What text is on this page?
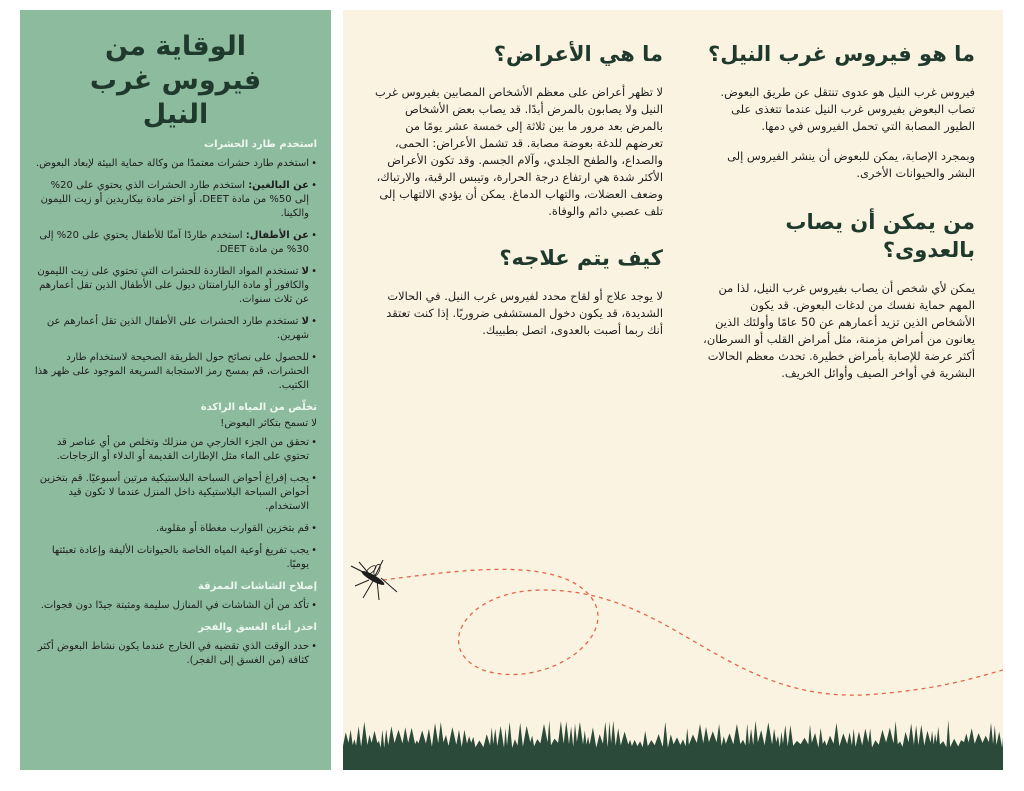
الوقاية من فيروس غرب النيل
استخدم طارد الحشرات
• استخدم طارد حشرات معتمدًا من وكالة حماية البيئة لإبعاد البعوض.
• عن البالغين: استخدم طارد الحشرات الذي يحتوي على 20% إلى 50% من مادة DEET، أو اختر مادة بيكاريدين أو زيت الليمون والكينا.
• عن الأطفال: استخدم طاردًا آمنًا للأطفال يحتوي على 20% إلى 30% من مادة DEET.
• لا تستخدم المواد الطاردة للحشرات التي تحتوي على زيت الليمون والكافور أو مادة البارامنتان ديول على الأطفال الذين تقل أعمارهم عن ثلاث سنوات.
• لا تستخدم طارد الحشرات على الأطفال الذين تقل أعمارهم عن شهرين.
• للحصول على نصائح حول الطريقة الصحيحة لاستخدام طارد الحشرات، قم بمسح رمز الاستجابة السريعة الموجود على ظهر هذا الكتيب.
تخلّص من المياه الراكدة
لا تسمح بتكاثر البعوض!
• تحقق من الجزء الخارجي من منزلك وتخلص من أي عناصر قد تحتوي على الماء مثل الإطارات القديمة أو الدلاء أو الزجاجات.
• يجب إفراغ أحواض السباحة البلاستيكية مرتين أسبوعيًا. قم بتخزين أحواض السباحة البلاستيكية داخل المنزل عندما لا تكون قيد الاستخدام.
• قم بتخزين القوارب مغطاة أو مقلوبة.
• يجب تفريغ أوعية المياه الخاصة بالحيوانات الأليفة وإعادة تعبئتها يوميًا.
إصلاح الشاشات الممزقة
• تأكد من أن الشاشات في المنازل سليمة ومثبتة جيدًا دون فجوات.
احذر أثناء الغسق والفجر
• حدد الوقت الذي تقضيه في الخارج عندما يكون نشاط البعوض أكثر كثافة (من الغسق إلى الفجر).
ما هو فيروس غرب النيل؟

فيروس غرب النيل هو عدوى تنتقل عن طريق البعوض. تصاب البعوض بفيروس غرب النيل عندما تتغذى على الطيور المصابة التي تحمل الفيروس في دمها.

وبمجرد الإصابة، يمكن للبعوض أن ينشر الفيروس إلى البشر والحيوانات الأخرى.

من يمكن أن يصاب بالعدوى؟

يمكن لأي شخص أن يصاب بفيروس غرب النيل، لذا من المهم حماية نفسك من لدغات البعوض. قد يكون الأشخاص الذين تزيد أعمارهم عن 50 عامًا وأولئك الذين يعانون من أمراض مزمنة، مثل أمراض القلب أو السرطان، أكثر عرضة للإصابة بأمراض خطيرة. تحدث معظم الحالات البشرية في أواخر الصيف وأوائل الخريف.

ما هي الأعراض؟

لا تظهر أعراض على معظم الأشخاص المصابين بفيروس غرب النيل ولا يصابون بالمرض أبدًا. قد يصاب بعض الأشخاص بالمرض بعد مرور ما بين ثلاثة إلى خمسة عشر يومًا من تعرضهم للدغة بعوضة مصابة. قد تشمل الأعراض: الحمى، والصداع، والطفح الجلدي، وآلام الجسم. وقد تكون الأعراض الأكثر شدة هي ارتفاع درجة الحرارة، وتيبس الرقبة، والارتباك، وضعف العضلات، والتهاب الدماغ. يمكن أن يؤدي الالتهاب إلى تلف عصبي دائم والوفاة.

كيف يتم علاجه؟

لا يوجد علاج أو لقاح محدد لفيروس غرب النيل. في الحالات الشديدة، قد يكون دخول المستشفى ضروريًا. إذا كنت تعتقد أنك ربما أصبت بالعدوى، اتصل بطبيبك.
